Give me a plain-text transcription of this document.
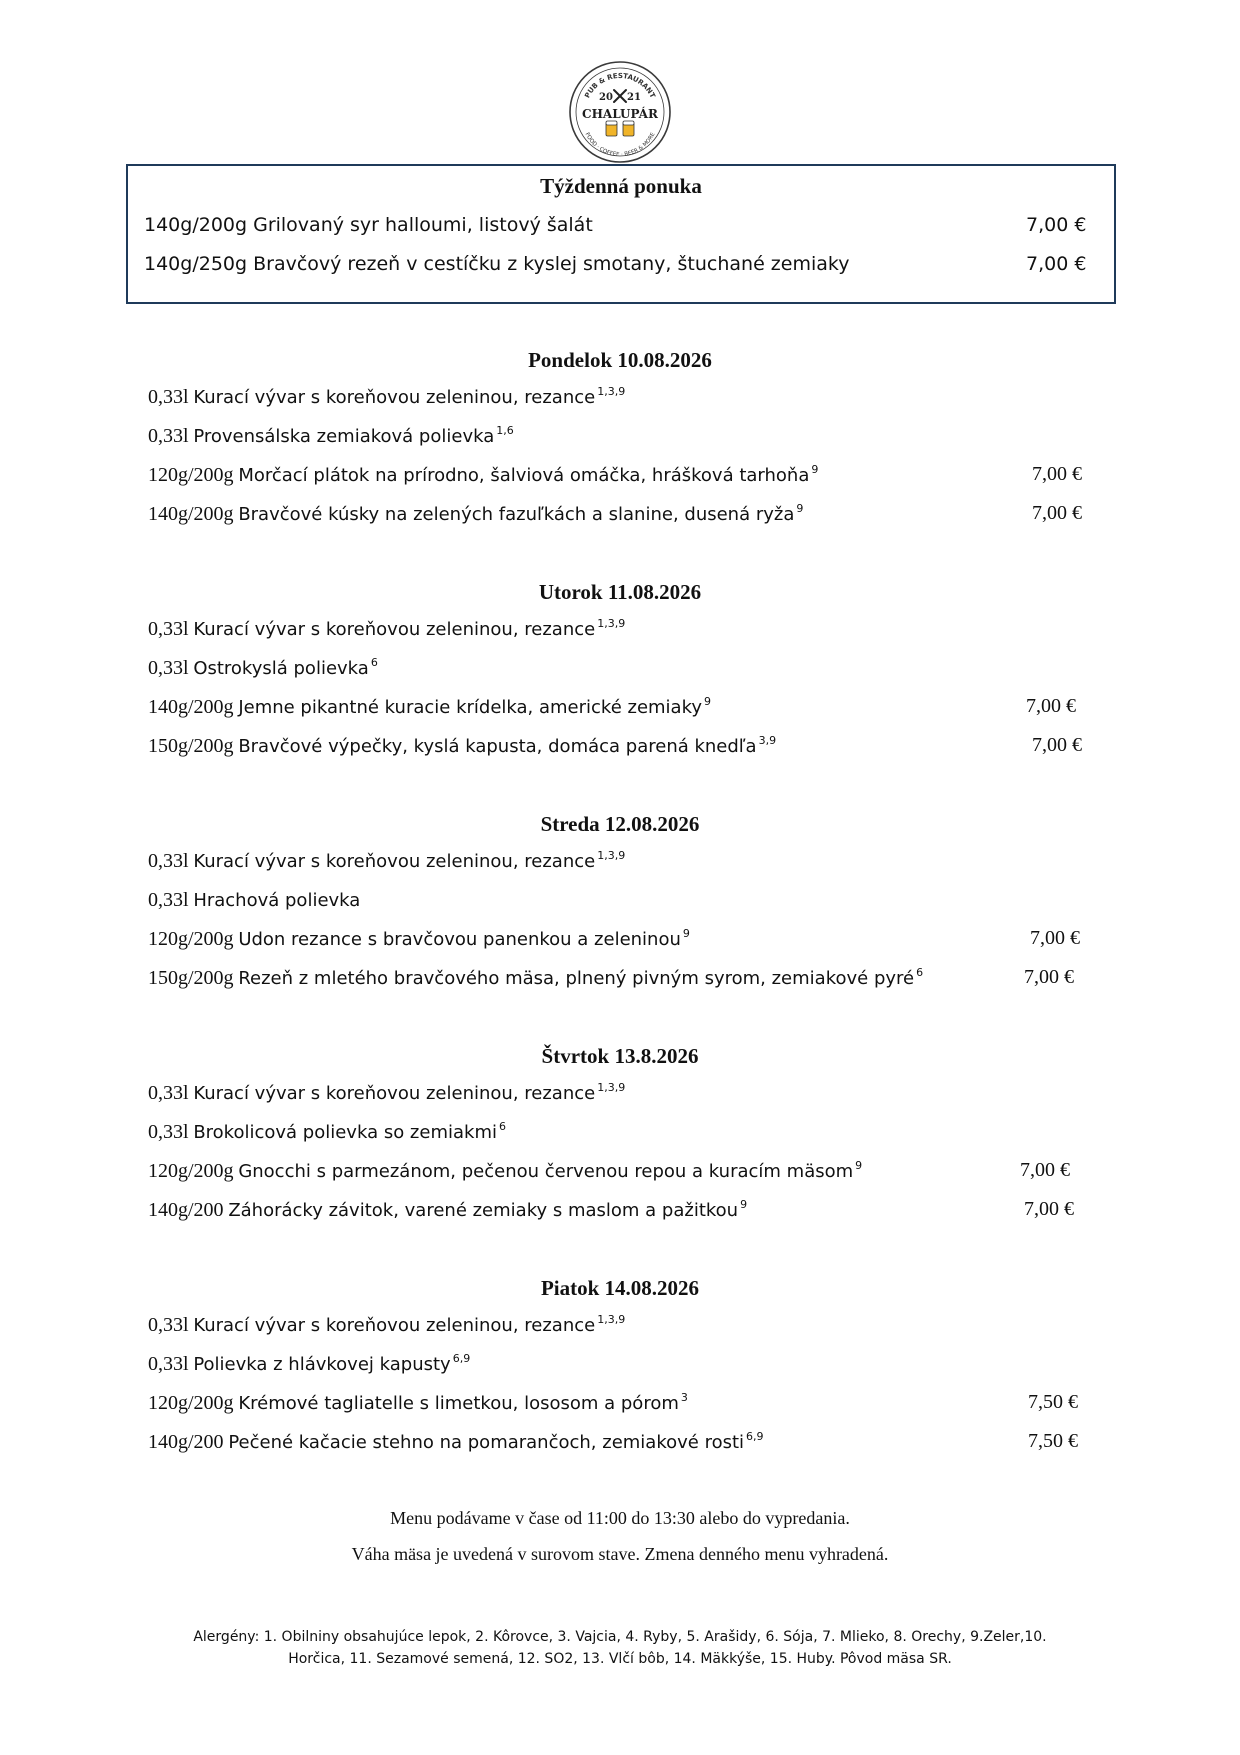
PUB & RESTAURANT
FOOD · COFFEE · BEER & MORE
20 21
CHALUPÁR
Týždenná ponuka
140g/200g Grilovaný syr halloumi, listový šalát	7,00 €
140g/250g Bravčový rezeň v cestíčku z kyslej smotany, štuchané zemiaky	7,00 €
Pondelok 10.08.2026
0,33l Kurací vývar s koreňovou zeleninou, rezance $^{1,3,9}$
0,33l Provensálska zemiaková polievka $^{1,6}$
120g/200g Morčací plátok na prírodno, šalviová omáčka, hrášková tarhoňa $^9$	7,00 €
140g/200g Bravčové kúsky na zelených fazuľkách a slanine, dusená ryža $^9$	7,00 €
Utorok 11.08.2026
0,33l Kurací vývar s koreňovou zeleninou, rezance $^{1,3,9}$
0,33l Ostrokyslá polievka $^6$
140g/200g Jemne pikantné kuracie krídelka, americké zemiaky $^9$	7,00 €
150g/200g Bravčové výpečky, kyslá kapusta, domáca parená knedľa $^{3,9}$	7,00 €
Streda 12.08.2026
0,33l Kurací vývar s koreňovou zeleninou, rezance $^{1,3,9}$
0,33l Hrachová polievka
120g/200g Udon rezance s bravčovou panenkou a zeleninou $^9$	7,00 €
150g/200g Rezeň z mletého bravčového mäsa, plnený pivným syrom, zemiakové pyré $^6$	7,00 €
Štvrtok 13.8.2026
0,33l Kurací vývar s koreňovou zeleninou, rezance $^{1,3,9}$
0,33l Brokolicová polievka so zemiakmi $^6$
120g/200g Gnocchi s parmezánom, pečenou červenou repou a kuracím mäsom $^9$	7,00 €
140g/200 Záhorácky závitok, varené zemiaky s maslom a pažitkou $^9$	7,00 €
Piatok 14.08.2026
0,33l Kurací vývar s koreňovou zeleninou, rezance $^{1,3,9}$
0,33l Polievka z hlávkovej kapusty $^{6,9}$
120g/200g Krémové tagliatelle s limetkou, lososom a pórom $^3$	7,50 €
140g/200 Pečené kačacie stehno na pomarančoch, zemiakové rosti $^{6,9}$	7,50 €
Menu podávame v čase od 11:00 do 13:30 alebo do vypredania.
Váha mäsa je uvedená v surovom stave. Zmena denného menu vyhradená.
Alergény: 1. Obilniny obsahujúce lepok, 2. Kôrovce, 3. Vajcia, 4. Ryby, 5. Arašidy, 6. Sója, 7. Mlieko, 8. Orechy, 9.Zeler,10.
Horčica, 11. Sezamové semená, 12. SO2, 13. Vlčí bôb, 14. Mäkkýše, 15. Huby. Pôvod mäsa SR.
